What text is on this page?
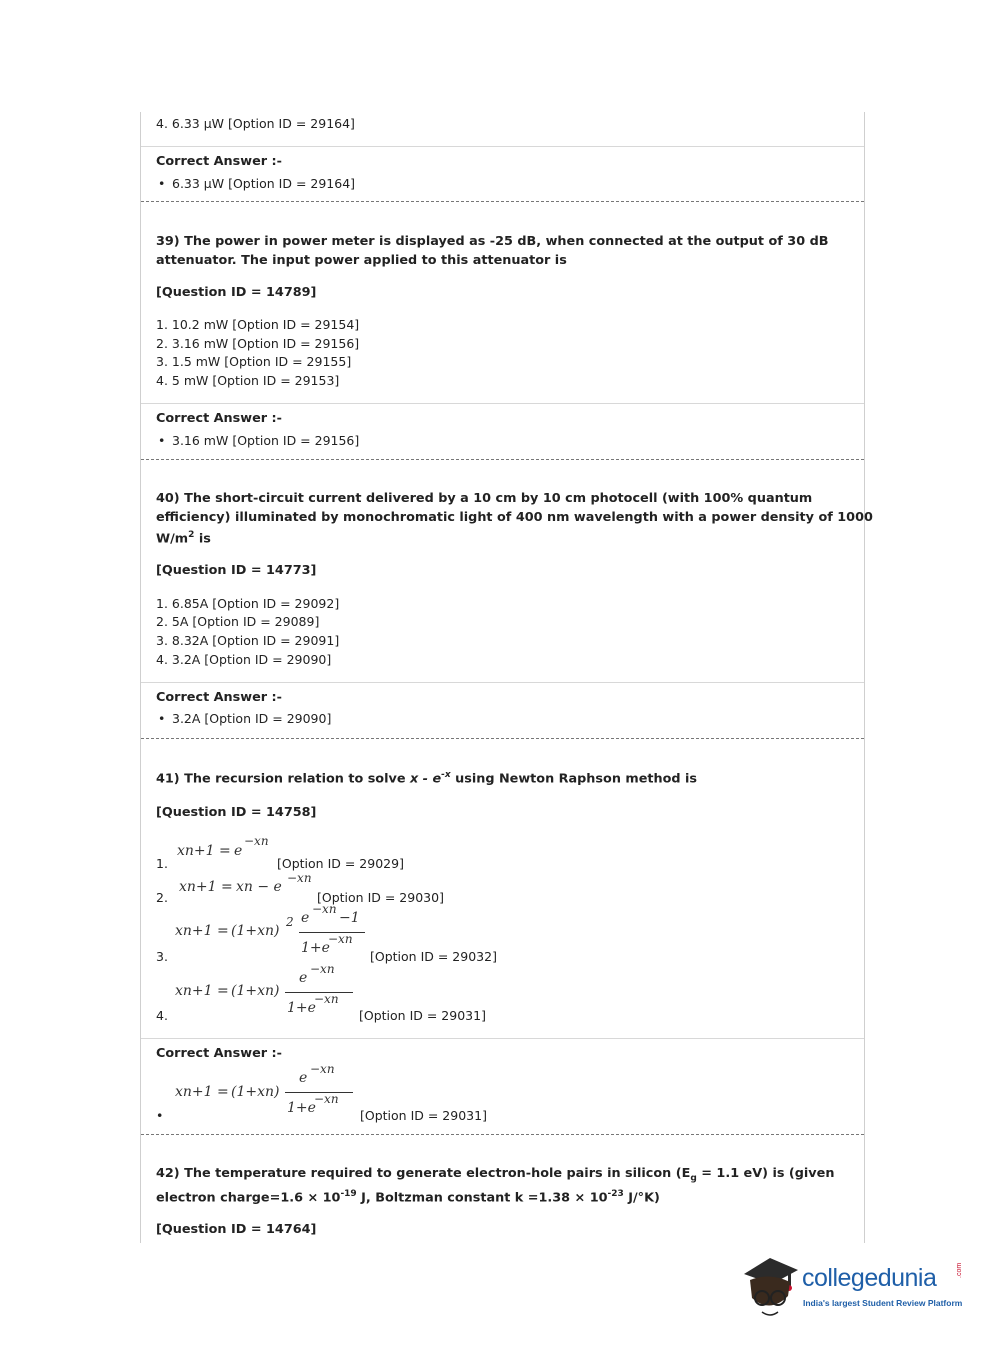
4. 6.33 μW [Option ID = 29164]
Correct Answer :-
• 6.33 μW [Option ID = 29164]
39) The power in power meter is displayed as -25 dB, when connected at the output of 30 dB
attenuator. The input power applied to this attenuator is
[Question ID = 14789]
1. 10.2 mW [Option ID = 29154]
2. 3.16 mW [Option ID = 29156]
3. 1.5 mW [Option ID = 29155]
4. 5 mW [Option ID = 29153]
Correct Answer :-
• 3.16 mW [Option ID = 29156]
40) The short-circuit current delivered by a 10 cm by 10 cm photocell (with 100% quantum
efficiency) illuminated by monochromatic light of 400 nm wavelength with a power density of 1000
$W/m^2$ is
[Question ID = 14773]
1. 6.85A [Option ID = 29092]
2. 5A [Option ID = 29089]
3. 8.32A [Option ID = 29091]
4. 3.2A [Option ID = 29090]
Correct Answer :-
• 3.2A [Option ID = 29090]
41) The recursion relation to solve x - $e^{-x}$ using Newton Raphson method is
[Question ID = 14758]
xn+1 = e
−xn
1.	[Option ID = 29029]
xn+1 = xn − e
−xn
2.	[Option ID = 29030]
xn+1 = (1+xn)
2 e
−xn
−1
1+e
−xn
3.	[Option ID = 29032]
xn+1 = (1+xn)
e
−xn
1+e
−xn
4.	[Option ID = 29031]
Correct Answer :-
xn+1 = (1+xn)
e
−xn
1+e
−xn
•	[Option ID = 29031]
42) The temperature required to generate electron-hole pairs in silicon ($E_g = 1.1$ eV) is (given
electron charge=1.6 × $10^{-19}$ J, Boltzman constant $k =1.38 \times 10^{-23}$ J/°K)
[Question ID = 14764]
collegedunia	.com
India's largest Student Review Platform
